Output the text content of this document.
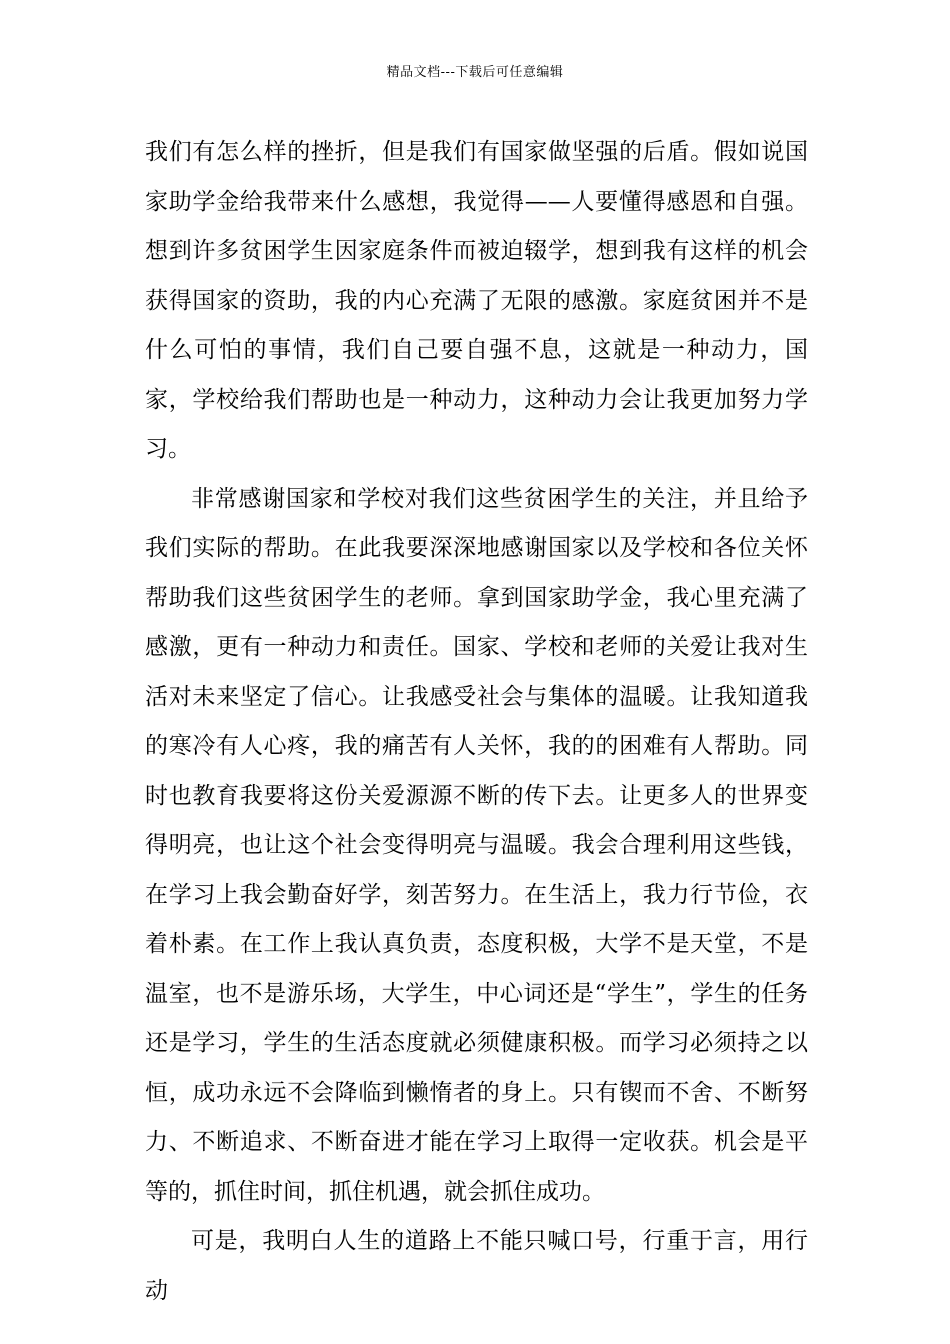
精品文档---下载后可任意编辑

我们有怎么样的挫折，但是我们有国家做坚强的后盾。假如说国家助学金给我带来什么感想，我觉得——人要懂得感恩和自强。想到许多贫困学生因家庭条件而被迫辍学，想到我有这样的机会获得国家的资助，我的内心充满了无限的感激。家庭贫困并不是什么可怕的事情，我们自己要自强不息，这就是一种动力，国家，学校给我们帮助也是一种动力，这种动力会让我更加努力学习。

非常感谢国家和学校对我们这些贫困学生的关注，并且给予我们实际的帮助。在此我要深深地感谢国家以及学校和各位关怀帮助我们这些贫困学生的老师。拿到国家助学金，我心里充满了感激，更有一种动力和责任。国家、学校和老师的关爱让我对生活对未来坚定了信心。让我感受社会与集体的温暖。让我知道我的寒冷有人心疼，我的痛苦有人关怀，我的的困难有人帮助。同时也教育我要将这份关爱源源不断的传下去。让更多人的世界变得明亮，也让这个社会变得明亮与温暖。我会合理利用这些钱，在学习上我会勤奋好学，刻苦努力。在生活上，我力行节俭，衣着朴素。在工作上我认真负责，态度积极，大学不是天堂，不是温室，也不是游乐场，大学生，中心词还是“学生”，学生的任务还是学习，学生的生活态度就必须健康积极。而学习必须持之以恒，成功永远不会降临到懒惰者的身上。只有锲而不舍、不断努力、不断追求、不断奋进才能在学习上取得一定收获。机会是平等的，抓住时间，抓住机遇，就会抓住成功。

可是，我明白人生的道路上不能只喊口号，行重于言，用行动
